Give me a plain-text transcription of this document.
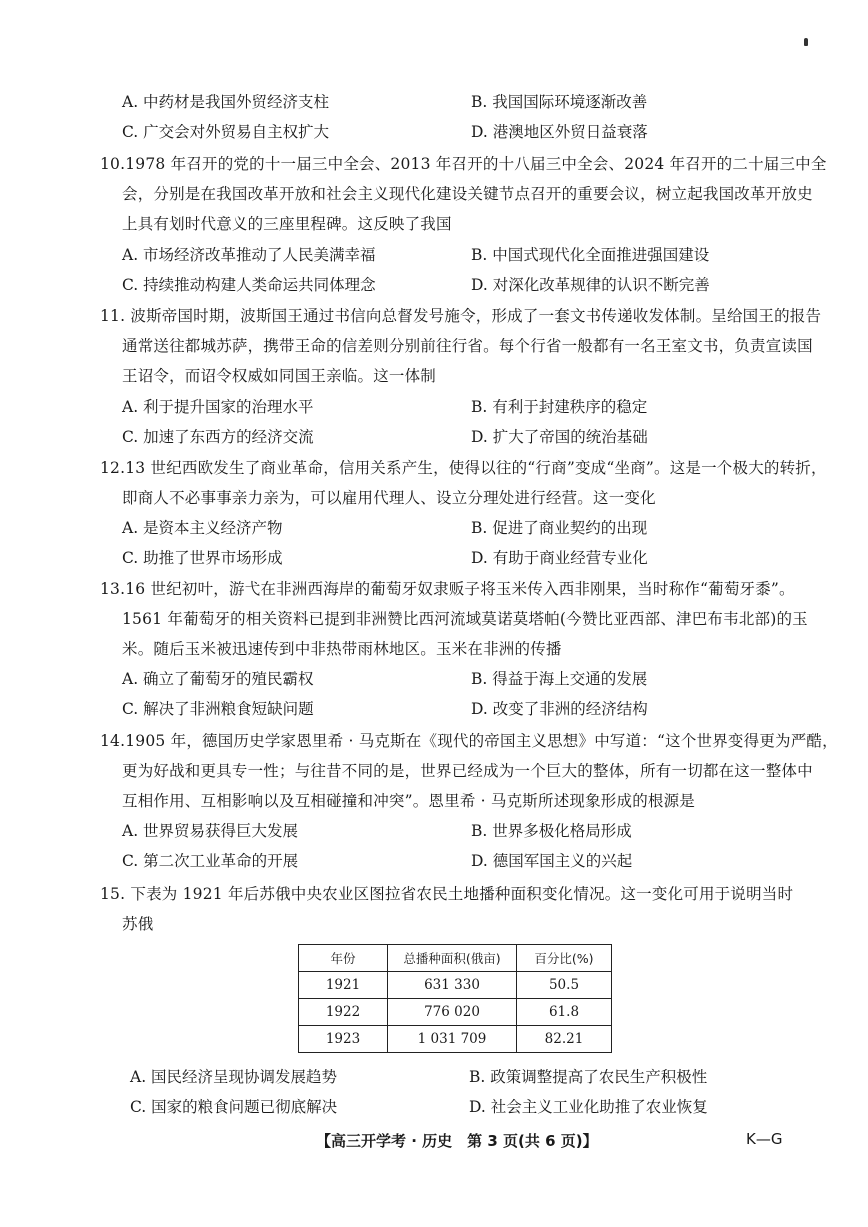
A. 中药材是我国外贸经济支柱	B. 我国国际环境逐渐改善
C. 广交会对外贸易自主权扩大	D. 港澳地区外贸日益衰落
10.1978 年召开的党的十一届三中全会、2013 年召开的十八届三中全会、2024 年召开的二十届三中全
会，分别是在我国改革开放和社会主义现代化建设关键节点召开的重要会议，树立起我国改革开放史
上具有划时代意义的三座里程碑。这反映了我国
A. 市场经济改革推动了人民美满幸福	B. 中国式现代化全面推进强国建设
C. 持续推动构建人类命运共同体理念	D. 对深化改革规律的认识不断完善
11. 波斯帝国时期，波斯国王通过书信向总督发号施令，形成了一套文书传递收发体制。呈给国王的报告
通常送往都城苏萨，携带王命的信差则分别前往行省。每个行省一般都有一名王室文书，负责宣读国
王诏令，而诏令权威如同国王亲临。这一体制
A. 利于提升国家的治理水平	B. 有利于封建秩序的稳定
C. 加速了东西方的经济交流	D. 扩大了帝国的统治基础
12.13 世纪西欧发生了商业革命，信用关系产生，使得以往的“行商”变成“坐商”。这是一个极大的转折，
即商人不必事事亲力亲为，可以雇用代理人、设立分理处进行经营。这一变化
A. 是资本主义经济产物	B. 促进了商业契约的出现
C. 助推了世界市场形成	D. 有助于商业经营专业化
13.16 世纪初叶，游弋在非洲西海岸的葡萄牙奴隶贩子将玉米传入西非刚果，当时称作“葡萄牙黍”。
1561 年葡萄牙的相关资料已提到非洲赞比西河流域莫诺莫塔帕(今赞比亚西部、津巴布韦北部)的玉
米。随后玉米被迅速传到中非热带雨林地区。玉米在非洲的传播
A. 确立了葡萄牙的殖民霸权	B. 得益于海上交通的发展
C. 解决了非洲粮食短缺问题	D. 改变了非洲的经济结构
14.1905 年，德国历史学家恩里希 · 马克斯在《现代的帝国主义思想》中写道：“这个世界变得更为严酷，
更为好战和更具专一性；与往昔不同的是，世界已经成为一个巨大的整体，所有一切都在这一整体中
互相作用、互相影响以及互相碰撞和冲突”。恩里希 · 马克斯所述现象形成的根源是
A. 世界贸易获得巨大发展	B. 世界多极化格局形成
C. 第二次工业革命的开展	D. 德国军国主义的兴起
15. 下表为 1921 年后苏俄中央农业区图拉省农民土地播种面积变化情况。这一变化可用于说明当时
苏俄
年份	总播种面积(俄亩)	百分比(%)
1921	631 330	50.5
1922	776 020	61.8
1923	1 031 709	82.21
A. 国民经济呈现协调发展趋势	B. 政策调整提高了农民生产积极性
C. 国家的粮食问题已彻底解决	D. 社会主义工业化助推了农业恢复
【高三开学考 · 历史　第 3 页(共 6 页)】	K—G
